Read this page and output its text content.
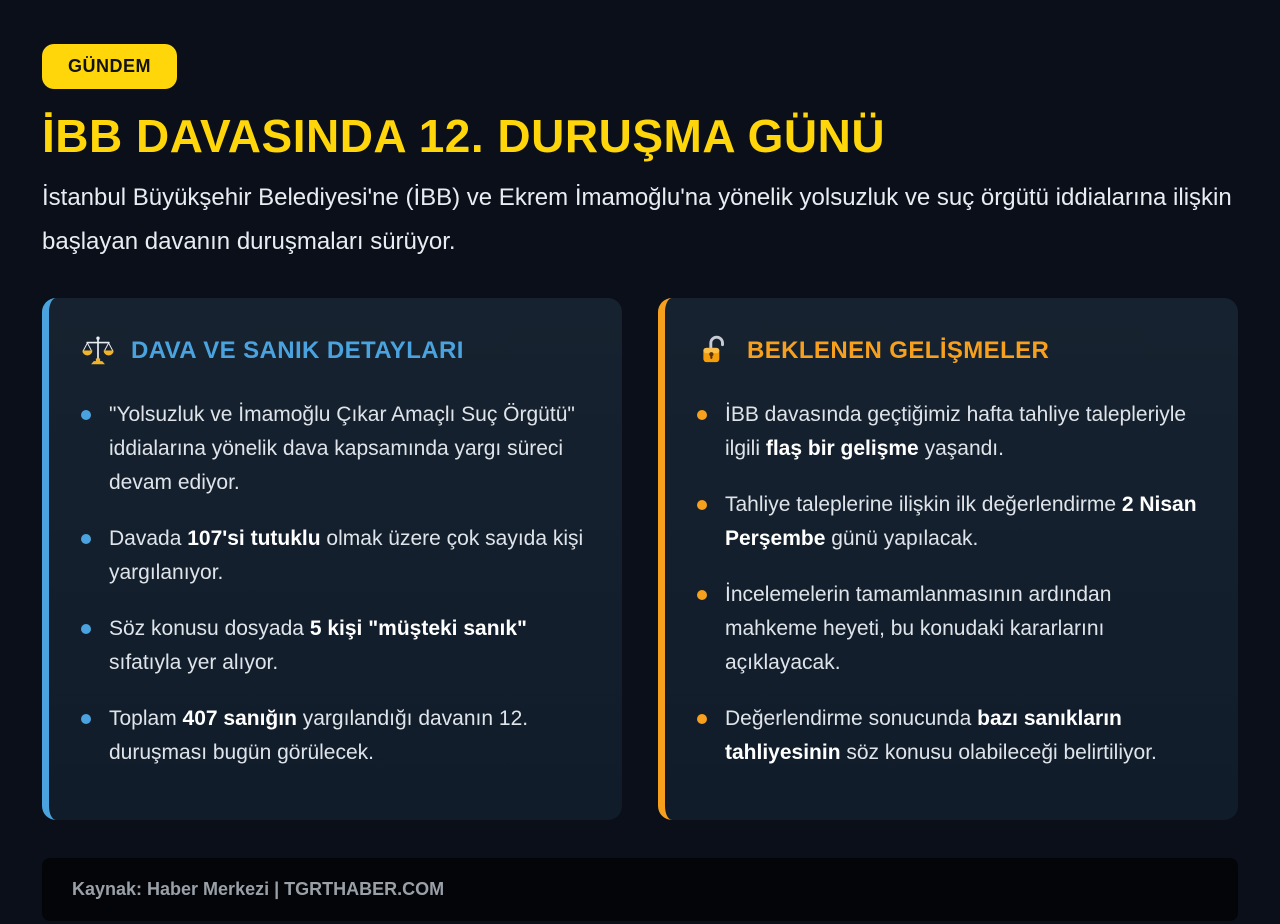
GÜNDEM
İBB DAVASINDA 12. DURUŞMA GÜNÜ

İstanbul Büyükşehir Belediyesi'ne (İBB) ve Ekrem İmamoğlu'na yönelik yolsuzluk ve suç örgütü iddialarına ilişkin başlayan davanın duruşmaları sürüyor.

DAVA VE SANIK DETAYLARI
"Yolsuzluk ve İmamoğlu Çıkar Amaçlı Suç Örgütü" iddialarına yönelik dava kapsamında yargı süreci devam ediyor.
Davada 107'si tutuklu olmak üzere çok sayıda kişi yargılanıyor.
Söz konusu dosyada 5 kişi "müşteki sanık" sıfatıyla yer alıyor.
Toplam 407 sanığın yargılandığı davanın 12. duruşması bugün görülecek.
BEKLENEN GELİŞMELER
İBB davasında geçtiğimiz hafta tahliye talepleriyle ilgili flaş bir gelişme yaşandı.
Tahliye taleplerine ilişkin ilk değerlendirme 2 Nisan Perşembe günü yapılacak.
İncelemelerin tamamlanmasının ardından mahkeme heyeti, bu konudaki kararlarını açıklayacak.
Değerlendirme sonucunda bazı sanıkların tahliyesinin söz konusu olabileceği belirtiliyor.
Kaynak: Haber Merkezi | TGRTHABER.COM
